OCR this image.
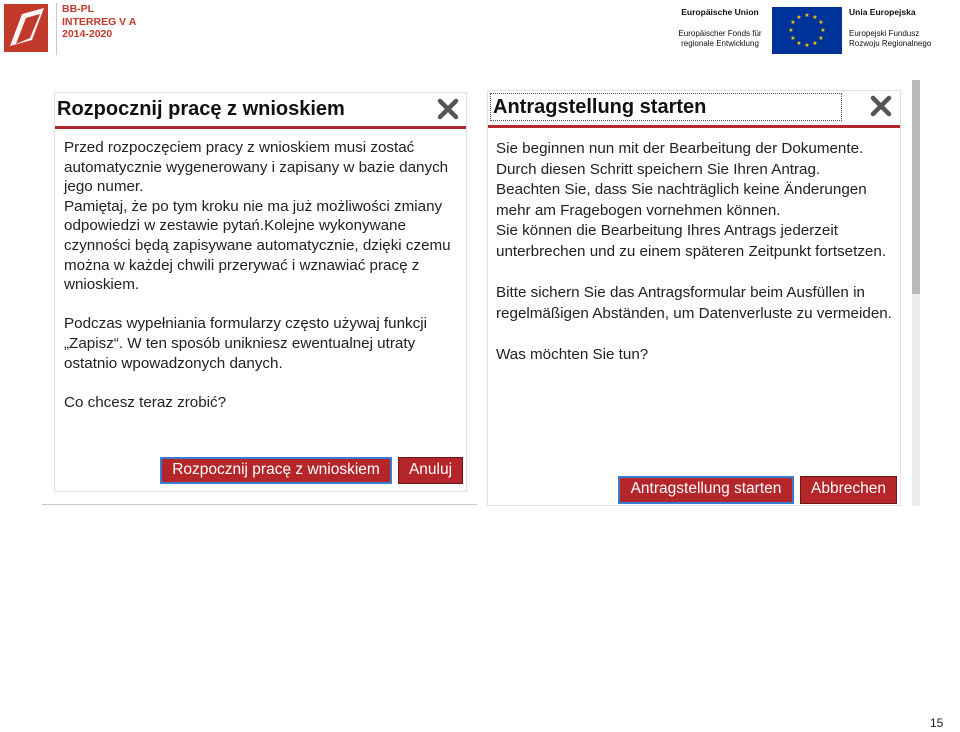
BB-PL
INTERREG V A
2014-2020
Europäische Union
Europäischer Fonds für
regionale Entwicklung
★ ★
★
★
★
★
★
★
★
★
★
★
Unia Europejska
Europejski Fundusz
Rozwoju Regionalnego
Rozpocznij pracę z wnioskiem

Przed rozpoczęciem pracy z wnioskiem musi zostać automatycznie wygenerowany i zapisany w bazie danych jego numer.

Pamiętaj, że po tym kroku nie ma już możliwości zmiany odpowiedzi w zestawie pytań.Kolejne wykonywane czynności będą zapisywane automatycznie, dzięki czemu można w każdej chwili przerywać i wznawiać pracę z wnioskiem.

Podczas wypełniania formularzy często używaj funkcji „Zapisz“. W ten sposób unikniesz ewentualnej utraty ostatnio wpowadzonych danych.

Co chcesz teraz zrobić?

Rozpocznij pracę z wnioskiem	Anuluj
Antragstellung starten

Sie beginnen nun mit der Bearbeitung der Dokumente. Durch diesen Schritt speichern Sie Ihren Antrag.

Beachten Sie, dass Sie nachträglich keine Änderungen mehr am Fragebogen vornehmen können.

Sie können die Bearbeitung Ihres Antrags jederzeit unterbrechen und zu einem späteren Zeitpunkt fortsetzen.

Bitte sichern Sie das Antragsformular beim Ausfüllen in regelmäßigen Abständen, um Datenverluste zu vermeiden.

Was möchten Sie tun?

Antragstellung starten	Abbrechen
15
